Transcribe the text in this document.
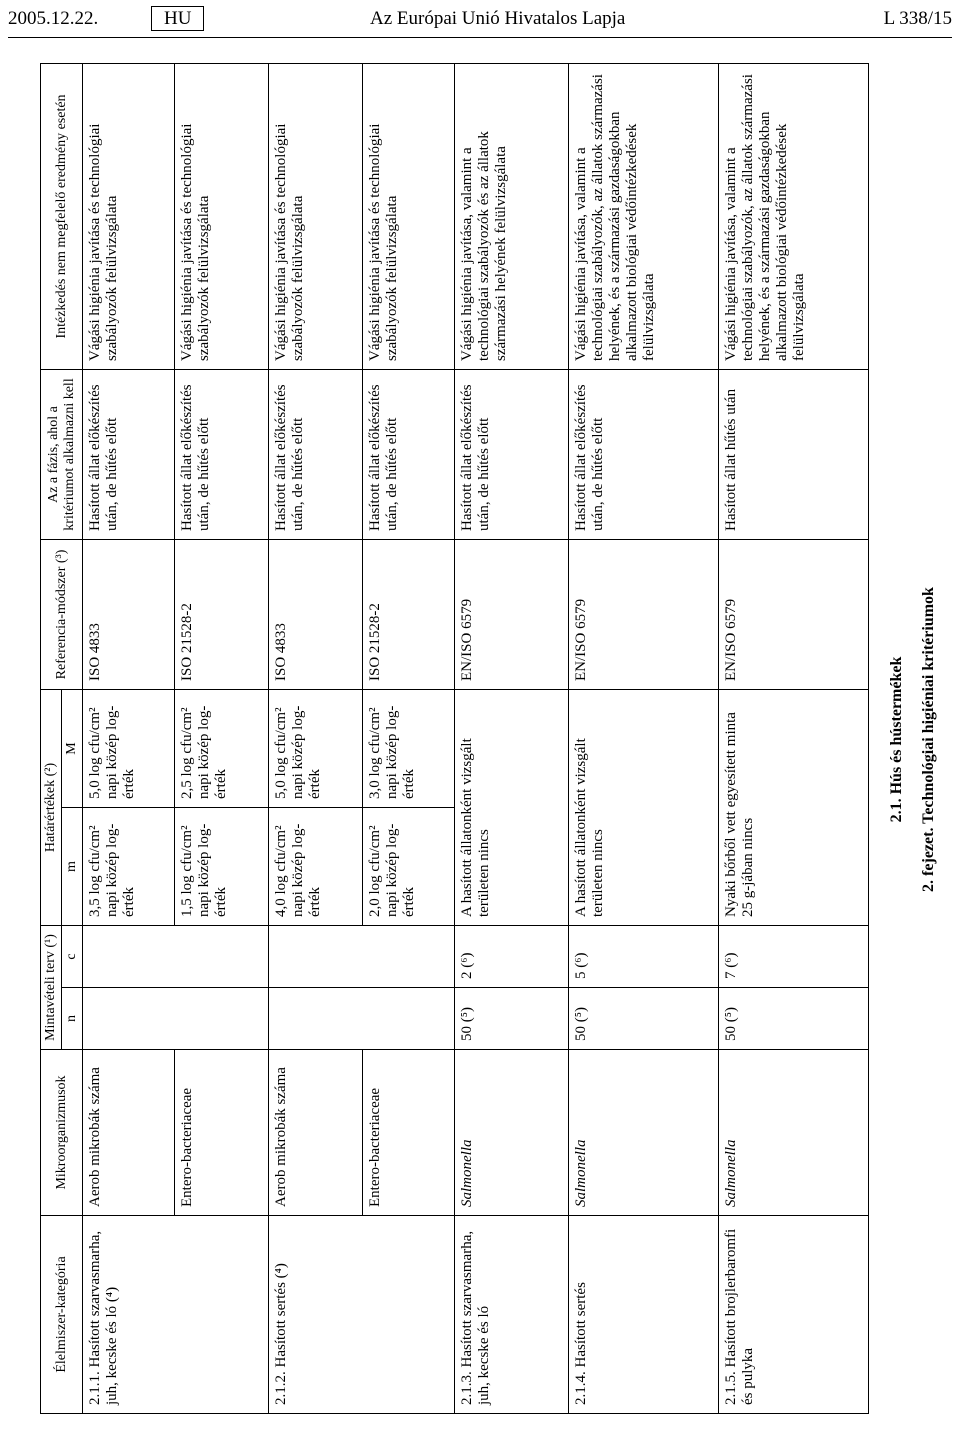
2005.12.22.	HU	Az Európai Unió Hivatalos Lapja	L 338/15
2. fejezet. Technológiai higiéniai kritériumok
2.1. Hús és hústermékek
Élelmiszer-kategória	Mikroorganizmusok	Mintavételi terv (¹)		Határértékek (²)		Referencia-módszer (³)	Az a fázis, ahol a kritériumot alkalmazni kell	Intézkedés nem megfelelő eredmény esetén
		n	c	m	M			
2.1.1. Hasított szarvasmarha, juh, kecske és ló (⁴)	Aerob mikrobák száma			3,5 log cfu/cm² napi közép log-érték	5,0 log cfu/cm² napi közép log-érték	ISO 4833	Hasított állat előkészítés után, de hűtés előtt	Vágási higiénia javítása és technológiai szabályozók felülvizsgálata
	Entero-bacteriaceae			1,5 log cfu/cm² napi közép log-érték	2,5 log cfu/cm² napi közép log-érték	ISO 21528-2	Hasított állat előkészítés után, de hűtés előtt	Vágási higiénia javítása és technológiai szabályozók felülvizsgálata
2.1.2. Hasított sertés (⁴)	Aerob mikrobák száma			4,0 log cfu/cm² napi közép log-érték	5,0 log cfu/cm² napi közép log-érték	ISO 4833	Hasított állat előkészítés után, de hűtés előtt	Vágási higiénia javítása és technológiai szabályozók felülvizsgálata
	Entero-bacteriaceae			2,0 log cfu/cm² napi közép log-érték	3,0 log cfu/cm² napi közép log-érték	ISO 21528-2	Hasított állat előkészítés után, de hűtés előtt	Vágási higiénia javítása és technológiai szabályozók felülvizsgálata
2.1.3. Hasított szarvasmarha, juh, kecske és ló	Salmonella	50 (⁵)	2 (⁶)	A hasított állatonként vizsgált területen nincs		EN/ISO 6579	Hasított állat előkészítés után, de hűtés előtt	Vágási higiénia javítása, valamint a technológiai szabályozók és az állatok származási helyének felülvizsgálata
2.1.4. Hasított sertés	Salmonella	50 (⁵)	5 (⁶)	A hasított állatonként vizsgált területen nincs		EN/ISO 6579	Hasított állat előkészítés után, de hűtés előtt	Vágási higiénia javítása, valamint a technológiai szabályozók, az állatok származási helyének, és a származási gazdaságokban alkalmazott biológiai védőintézkedések felülvizsgálata
2.1.5. Hasított brojlerbaromfi és pulyka	Salmonella	50 (⁵)	7 (⁶)	Nyaki bőrből vett egyesített minta 25 g-jában nincs		EN/ISO 6579	Hasított állat hűtés után	Vágási higiénia javítása, valamint a technológiai szabályozók, az állatok származási helyének, és a származási gazdaságokban alkalmazott biológiai védőintézkedések felülvizsgálata
